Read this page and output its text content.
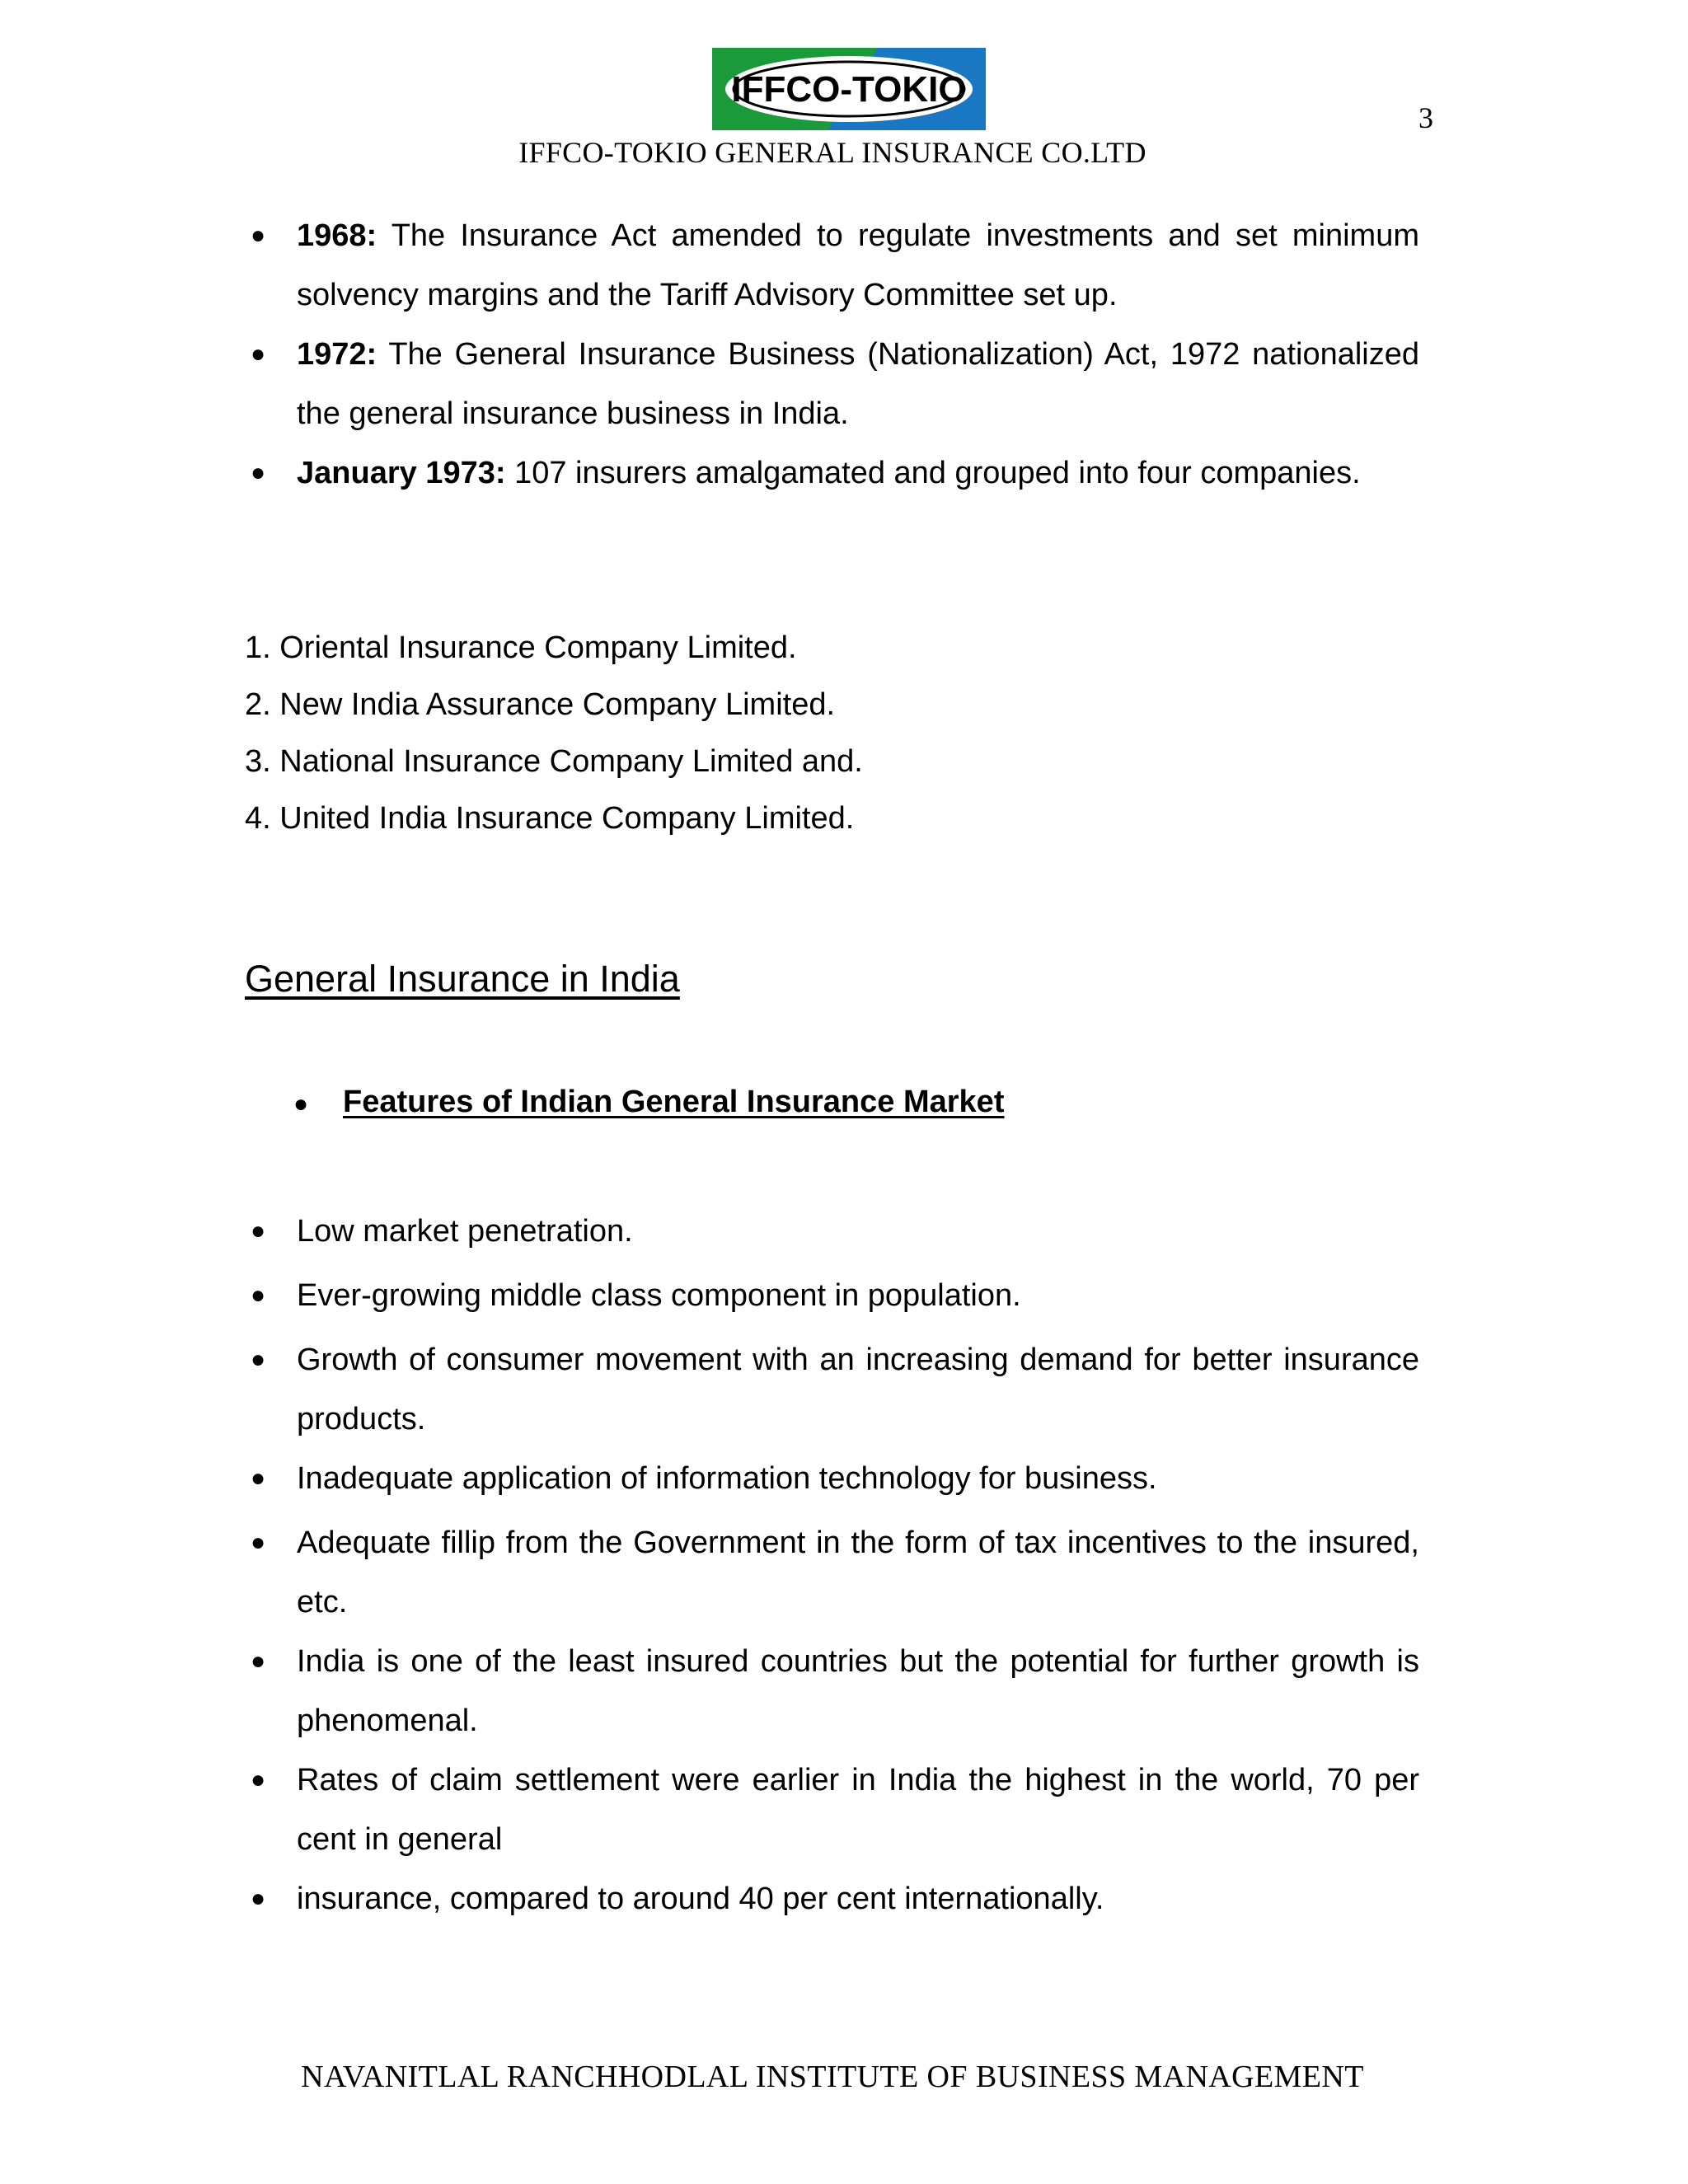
IFFCO-TOKIO
3
IFFCO-TOKIO GENERAL INSURANCE CO.LTD
● 1968: The Insurance Act amended to regulate investments and set minimum solvency margins and the Tariff Advisory Committee set up.
● 1972: The General Insurance Business (Nationalization) Act, 1972 nationalized the general insurance business in India.
● January 1973: 107 insurers amalgamated and grouped into four companies.
1. Oriental Insurance Company Limited.
2. New India Assurance Company Limited.
3. National Insurance Company Limited and.
4. United India Insurance Company Limited.
General Insurance in India
● Features of Indian General Insurance Market
● Low market penetration.
● Ever-growing middle class component in population.
● Growth of consumer movement with an increasing demand for better insurance products.
● Inadequate application of information technology for business.
● Adequate fillip from the Government in the form of tax incentives to the insured, etc.
● India is one of the least insured countries but the potential for further growth is phenomenal.
● Rates of claim settlement were earlier in India the highest in the world, 70 per cent in general
● insurance, compared to around 40 per cent internationally.
NAVANITLAL RANCHHODLAL INSTITUTE OF BUSINESS MANAGEMENT
